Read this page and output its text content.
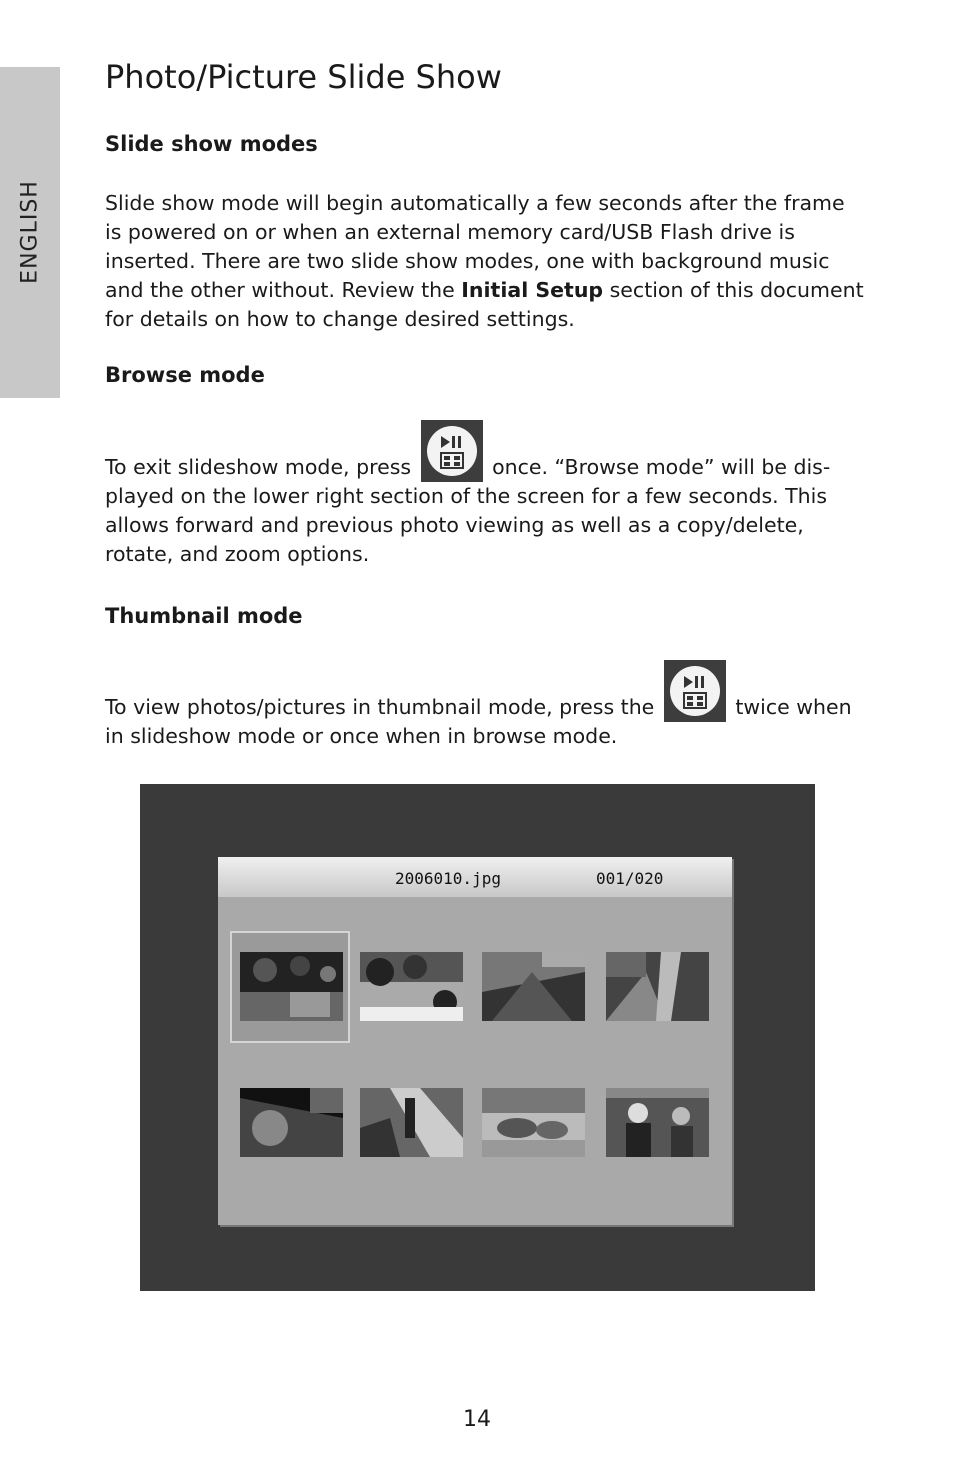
ENGLISH
Photo/Picture Slide Show
Slide show modes

Slide show mode will begin automatically a few seconds after the frame is powered on or when an external memory card/USB Flash drive is inserted. There are two slide show modes, one with background music and the other without. Review the Initial Setup section of this document for details on how to change desired settings.

Browse mode

To exit slideshow mode, press	once. “Browse mode” will be dis-played on the lower right section of the screen for a few seconds. This allows forward and previous photo viewing as well as a copy/delete, rotate, and zoom options.

Thumbnail mode

To view photos/pictures in thumbnail mode, press the	twice when in slideshow mode or once when in browse mode.

2006010.jpg	001/020
14
